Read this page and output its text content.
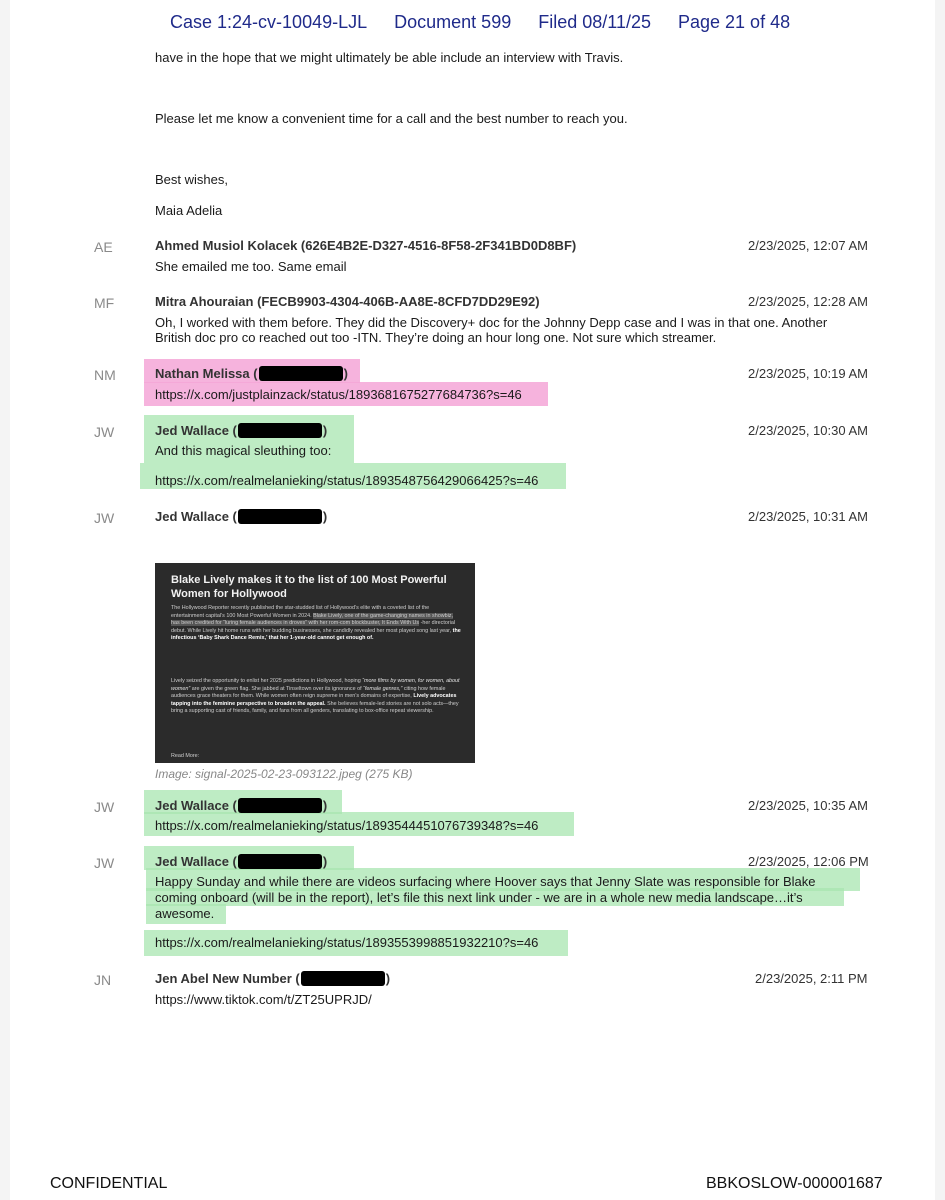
Case 1:24-cv-10049-LJL Document 599 Filed 08/11/25 Page 21 of 48
have in the hope that we might ultimately be able include an interview with Travis.
Please let me know a convenient time for a call and the best number to reach you.
Best wishes,
Maia Adelia
AE	Ahmed Musiol Kolacek (626E4B2E-D327-4516-8F58-2F341BD0D8BF)	2/23/2025, 12:07 AM
She emailed me too. Same email
MF	Mitra Ahouraian (FECB9903-4304-406B-AA8E-8CFD7DD29E92)	2/23/2025, 12:28 AM
Oh, I worked with them before. They did the Discovery+ doc for the Johnny Depp case and I was in that one. Another
British doc pro co reached out too -ITN. They’re doing an hour long one. Not sure which streamer.
NM	Nathan Melissa (	)	2/23/2025, 10:19 AM
https://x.com/justplainzack/status/1893681675277684736?s=46
JW	Jed Wallace (	)	2/23/2025, 10:30 AM
And this magical sleuthing too:
https://x.com/realmelanieking/status/1893548756429066425?s=46
JW	Jed Wallace (	)	2/23/2025, 10:31 AM
Blake Lively makes it to the list of 100 Most Powerful Women for Hollywood
The Hollywood Reporter recently published the star-studded list of Hollywood’s elite with a coveted list of the entertainment capital’s 100 Most Powerful Women in 2024. Blake Lively, one of the game-changing names in showbiz, has been credited for “luring female audiences in droves” with her rom-com blockbuster, It Ends With Us -her directorial debut. While Lively hit home runs with her budding businesses, she candidly revealed her most played song last year, the infectious ‘Baby Shark Dance Remix,’ that her 1-year-old cannot get enough of.
Lively seized the opportunity to enlist her 2025 predictions in Hollywood, hoping “more films by women, for women, about women” are given the green flag. She jabbed at Tinseltown over its ignorance of “female genres,” citing how female audiences grace theaters for them. While women often reign supreme in men’s domains of expertise, Lively advocates tapping into the feminine perspective to broaden the appeal. She believes female-led stories are not solo acts—they bring a supporting cast of friends, family, and fans from all genders, translating to box-office repeat viewership.
Read More:
Image: signal-2025-02-23-093122.jpeg (275 KB)
JW	Jed Wallace (	)	2/23/2025, 10:35 AM
https://x.com/realmelanieking/status/1893544451076739348?s=46
JW	Jed Wallace (	)	2/23/2025, 12:06 PM
Happy Sunday and while there are videos surfacing where Hoover says that Jenny Slate was responsible for Blake
coming onboard (will be in the report), let’s file this next link under - we are in a whole new media landscape…it’s
awesome.
https://x.com/realmelanieking/status/1893553998851932210?s=46
JN	Jen Abel New Number (	)	2/23/2025, 2:11 PM
https://www.tiktok.com/t/ZT25UPRJD/
CONFIDENTIAL	BBKOSLOW-000001687
